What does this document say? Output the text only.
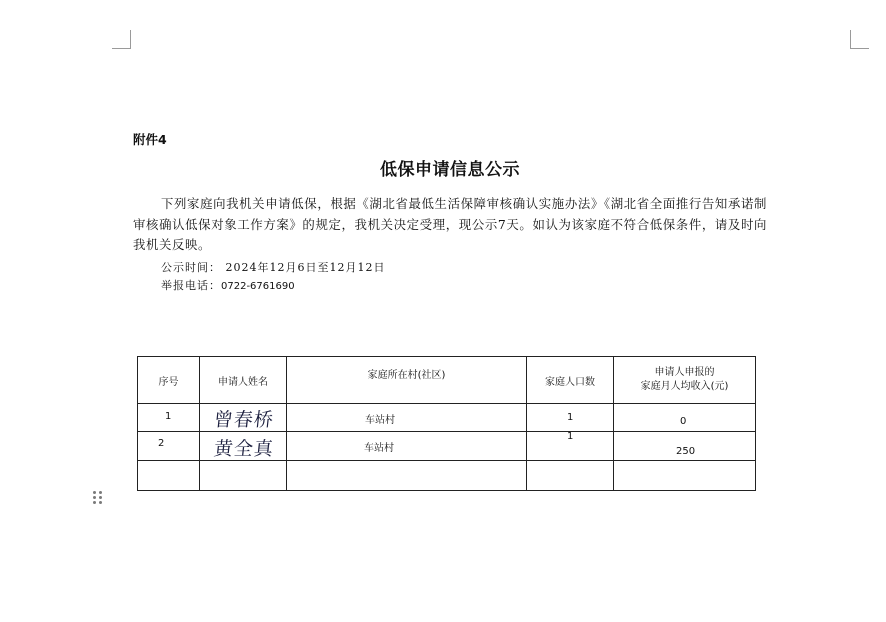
附件4
低保申请信息公示
下列家庭向我机关申请低保，根据《湖北省最低生活保障审核确认实施办法》《湖北省全面推行告知承诺制审核确认低保对象工作方案》的规定，我机关决定受理，现公示7天。如认为该家庭不符合低保条件，请及时向我机关反映。
公示时间： 2024年12月6日至12月12日
举报电话：0722-6761690
序号	申请人姓名	家庭所在村(社区)	家庭人口数	申请人申报的
家庭月人均收入(元)

1	曾春桥	车站村	1	0

2	黄全真	车站村	1	250
